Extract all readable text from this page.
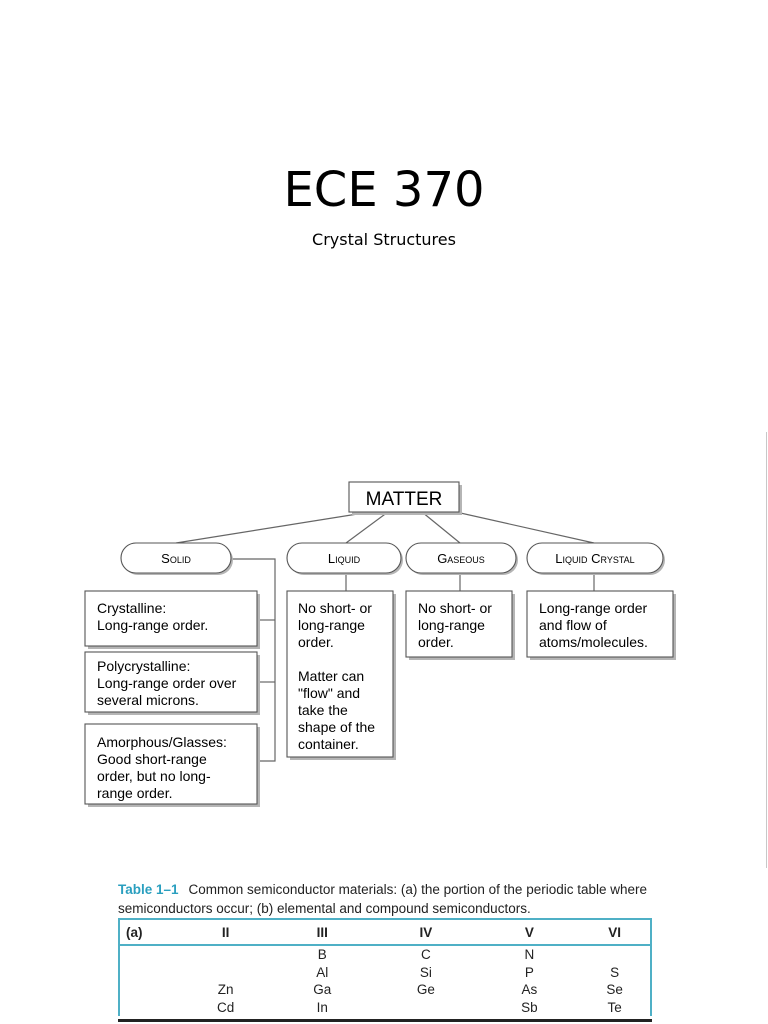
ECE 370
Crystal Structures
MATTER
Solid	Liquid	Gaseous	Liquid Crystal
Crystalline: Long-range order.
Polycrystalline: Long-range order over several microns.
Amorphous/Glasses: Good short-range order, but no long- range order.
No short- or long-range order. Matter can "flow" and take the shape of the container.
No short- or long-range order.
Long-range order and flow of atoms/molecules.
Table 1–1 Common semiconductor materials: (a) the portion of the periodic table where semiconductors occur; (b) elemental and compound semiconductors.
(a)	II	III	IV	V	VI
		B	C	N	
		Al	Si	P	S
	Zn	Ga	Ge	As	Se
	Cd	In		Sb	Te
